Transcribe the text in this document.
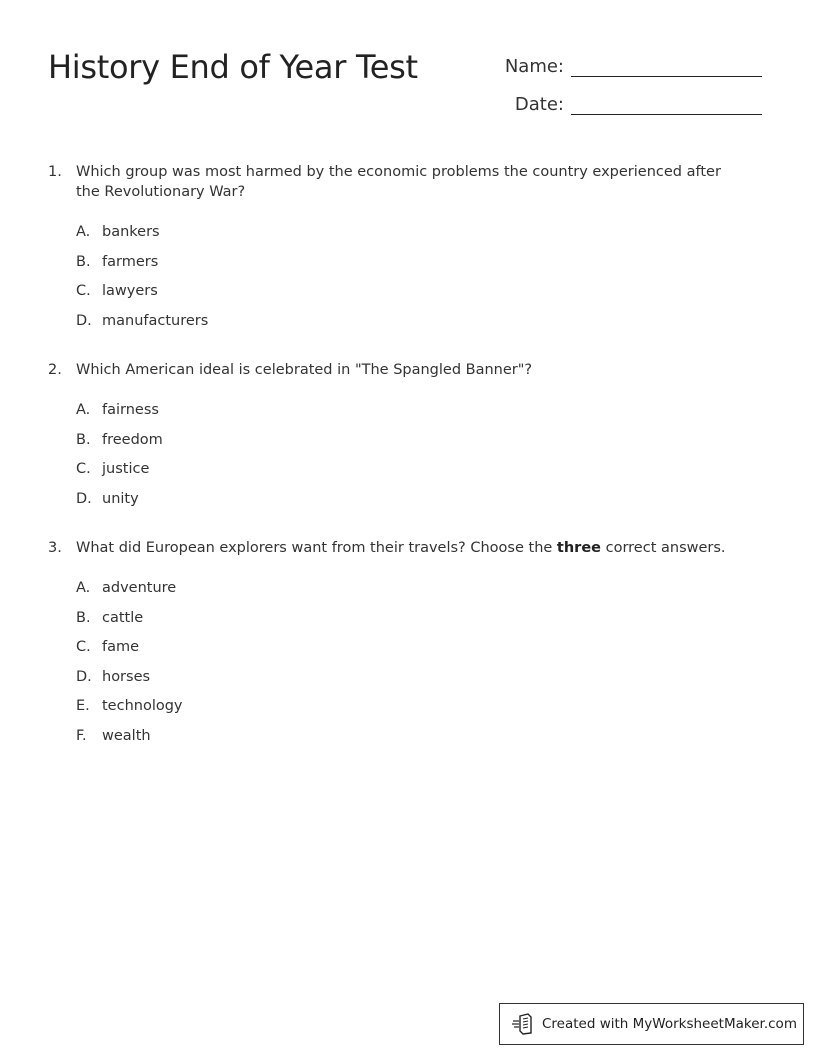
History End of Year Test	Name:
Date:
1. Which group was most harmed by the economic problems the country experienced after the Revolutionary War?
A. bankers
B. farmers
C. lawyers
D. manufacturers
2. Which American ideal is celebrated in "The Spangled Banner"?
A. fairness
B. freedom
C. justice
D. unity
3. What did European explorers want from their travels? Choose the three correct answers.
A. adventure
B. cattle
C. fame
D. horses
E. technology
F.	wealth
Created with MyWorksheetMaker.com
